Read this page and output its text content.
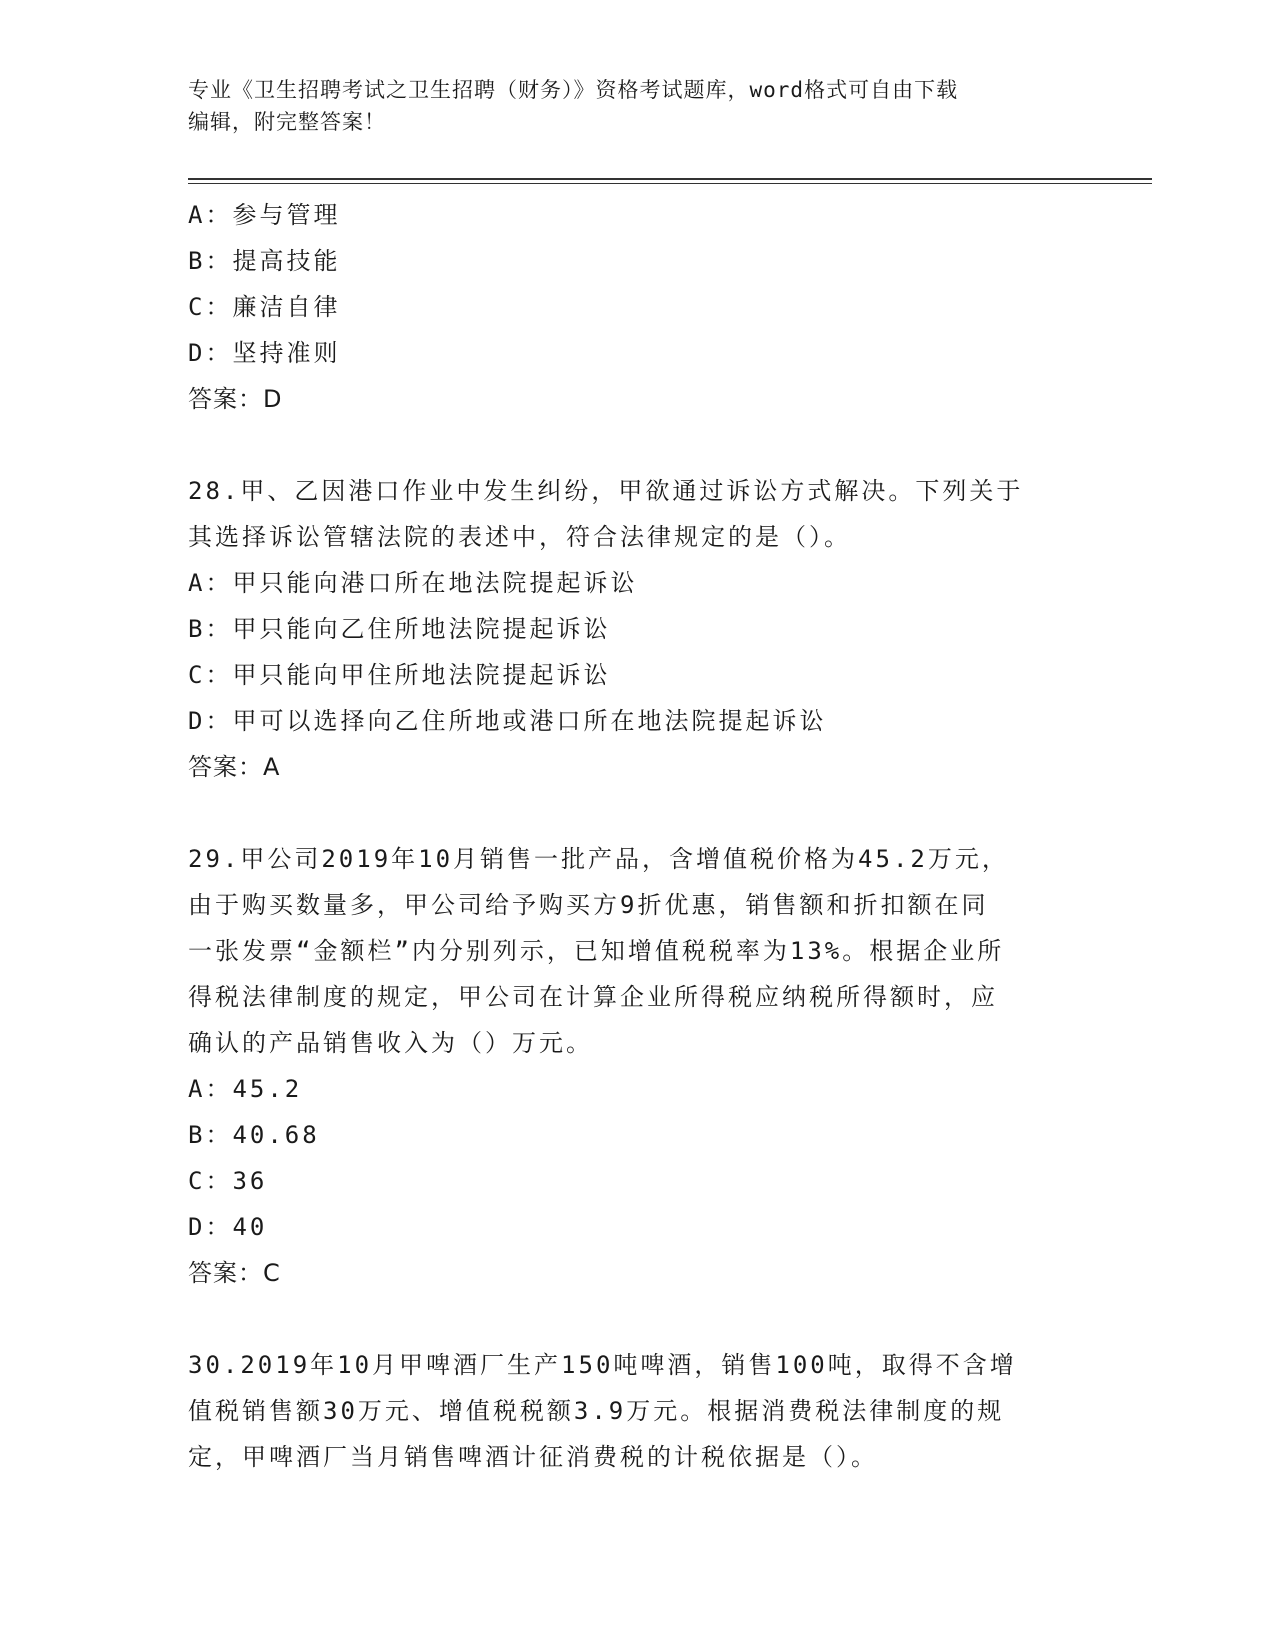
专业《卫生招聘考试之卫生招聘（财务）》资格考试题库，word格式可自由下载
编辑，附完整答案！
A：参与管理
B：提高技能
C：廉洁自律
D：坚持准则
答案：D
28.甲、乙因港口作业中发生纠纷，甲欲通过诉讼方式解决。下列关于
其选择诉讼管辖法院的表述中，符合法律规定的是（）。
A：甲只能向港口所在地法院提起诉讼
B：甲只能向乙住所地法院提起诉讼
C：甲只能向甲住所地法院提起诉讼
D：甲可以选择向乙住所地或港口所在地法院提起诉讼
答案：A
29.甲公司2019年10月销售一批产品，含增值税价格为45.2万元，
由于购买数量多，甲公司给予购买方9折优惠，销售额和折扣额在同
一张发票“金额栏”内分别列示，已知增值税税率为13%。根据企业所
得税法律制度的规定，甲公司在计算企业所得税应纳税所得额时，应
确认的产品销售收入为（）万元。
A：45.2
B：40.68
C：36
D：40
答案：C
30.2019年10月甲啤酒厂生产150吨啤酒，销售100吨，取得不含增
值税销售额30万元、增值税税额3.9万元。根据消费税法律制度的规
定，甲啤酒厂当月销售啤酒计征消费税的计税依据是（）。
